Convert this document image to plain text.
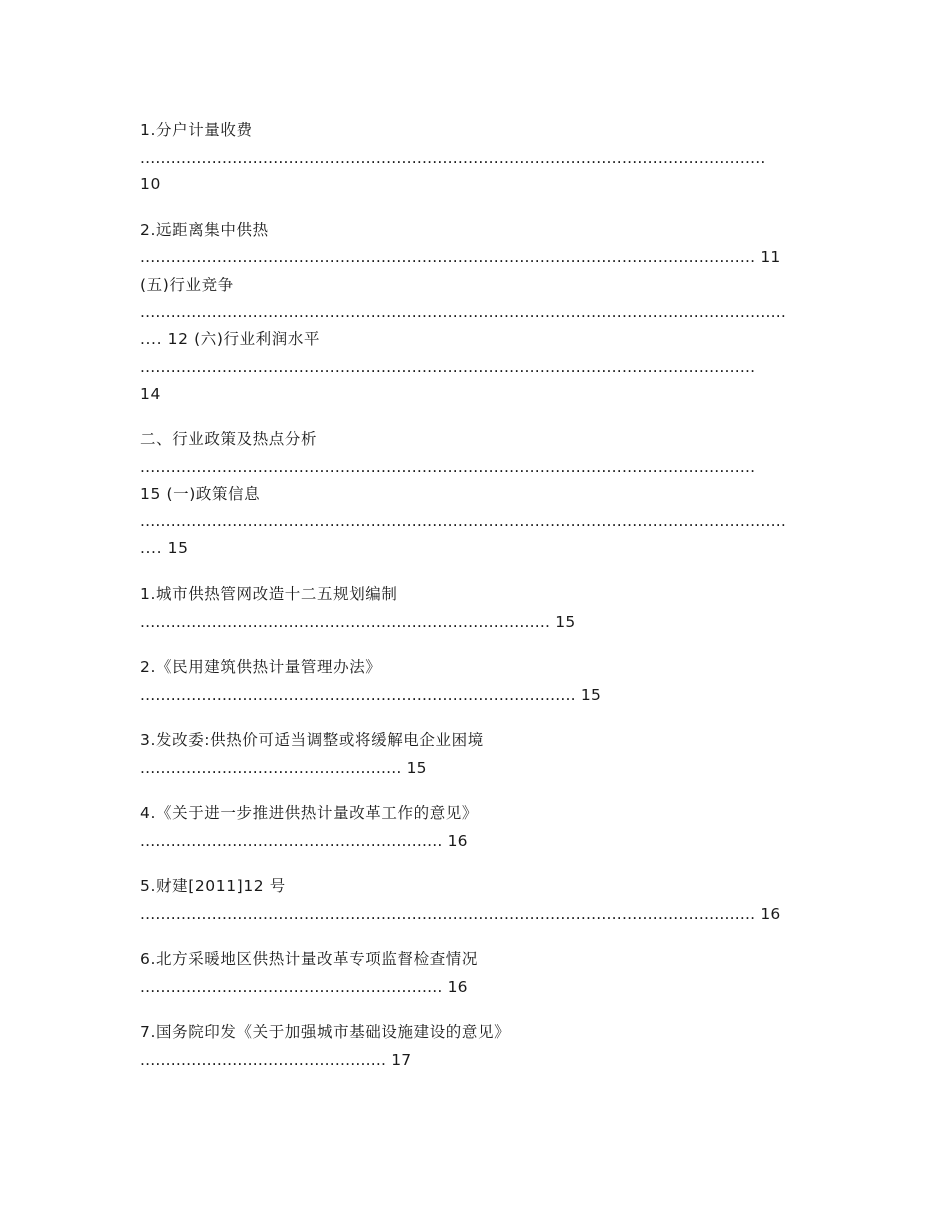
1.分户计量收费
..........................................................................................................................
10
2.远距离集中供热
........................................................................................................................ 11
(五)行业竞争
..............................................................................................................................
.... 12 (六)行业利润水平
........................................................................................................................
14
二、行业政策及热点分析
........................................................................................................................
15 (一)政策信息
..............................................................................................................................
.... 15
1.城市供热管网改造十二五规划编制
................................................................................ 15
2.《民用建筑供热计量管理办法》
..................................................................................... 15
3.发改委:供热价可适当调整或将缓解电企业困境
................................................... 15
4.《关于进一步推进供热计量改革工作的意见》
........................................................... 16
5.财建[2011]12 号
........................................................................................................................ 16
6.北方采暖地区供热计量改革专项监督检查情况
........................................................... 16
7.国务院印发《关于加强城市基础设施建设的意见》
................................................ 17
